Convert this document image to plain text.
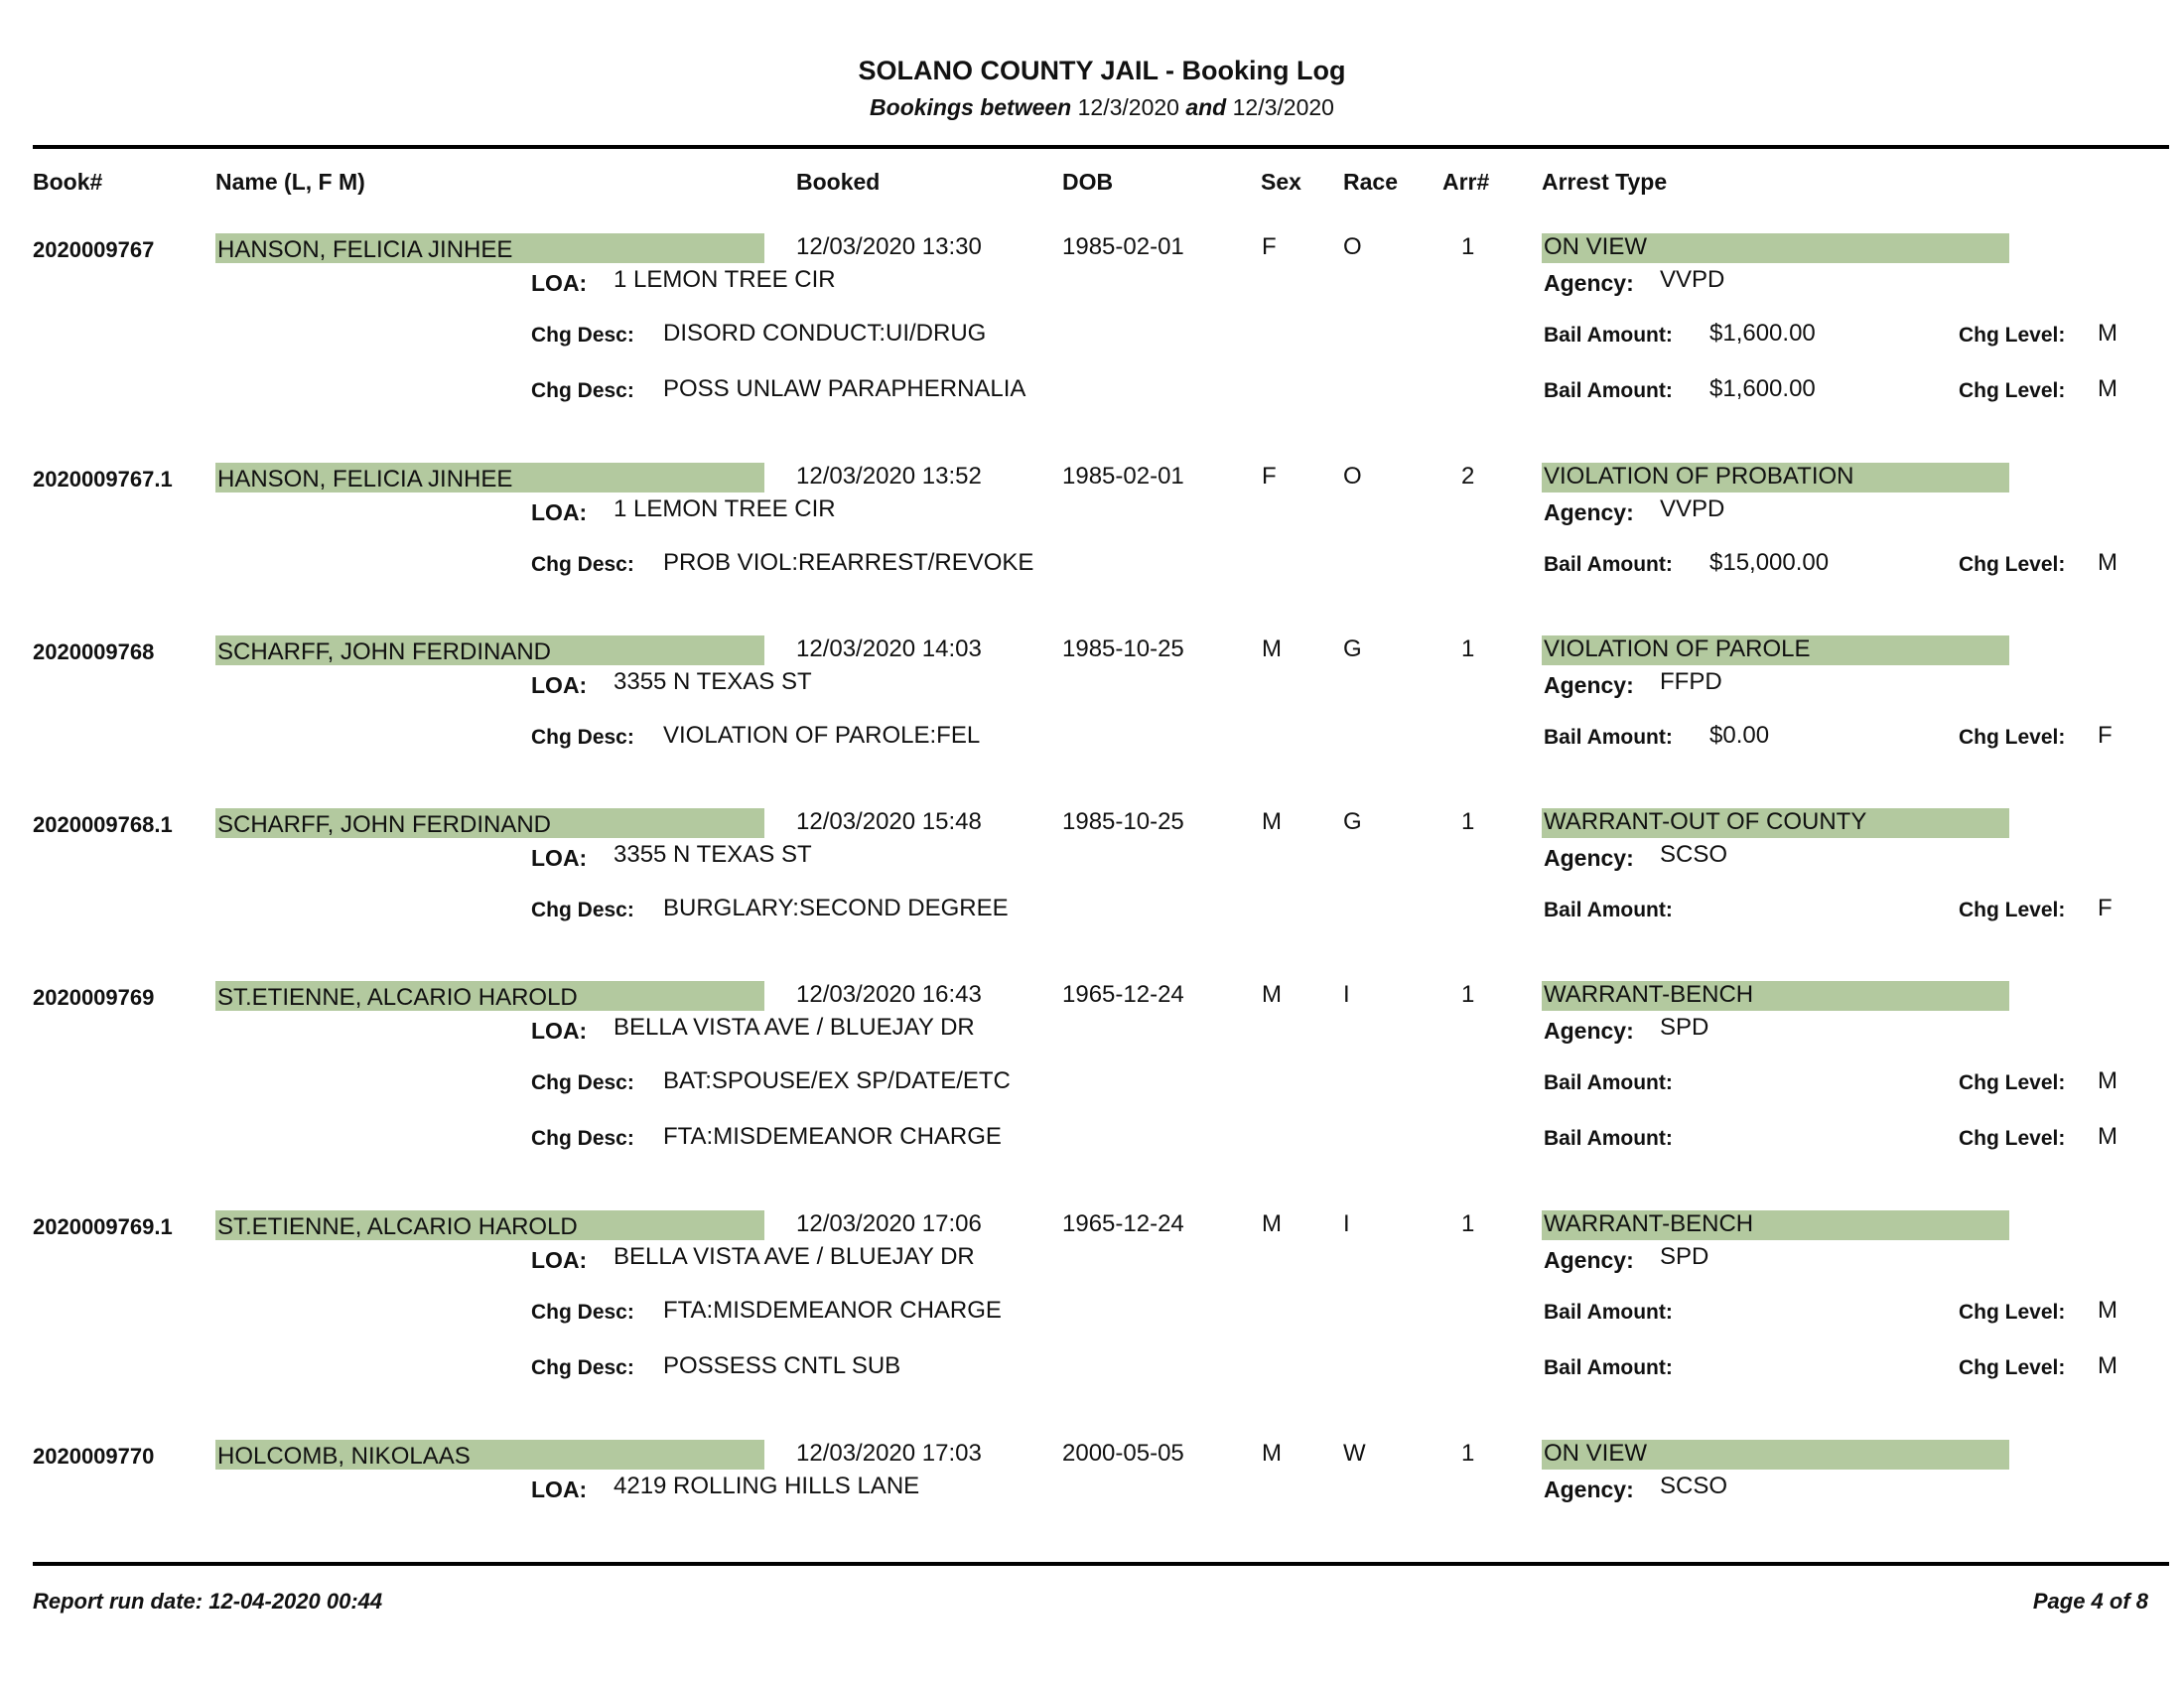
SOLANO COUNTY JAIL - Booking Log
Bookings between 12/3/2020 and 12/3/2020
Book#	Name (L, F M)	Booked	DOB	Sex Race Arr# Arrest Type
2020009767	HANSON, FELICIA JINHEE	12/03/2020 13:30	1985-02-01	F	O	1	ON VIEW
LOA: 1 LEMON TREE CIR	Agency: VVPD
Chg Desc: DISORD CONDUCT:UI/DRUG	Bail Amount: $1,600.00	Chg Level: M
Chg Desc: POSS UNLAW PARAPHERNALIA	Bail Amount: $1,600.00	Chg Level: M
2020009767.1 HANSON, FELICIA JINHEE	12/03/2020 13:52	1985-02-01	F	O	2	VIOLATION OF PROBATION
LOA: 1 LEMON TREE CIR	Agency: VVPD
Chg Desc: PROB VIOL:REARREST/REVOKE	Bail Amount: $15,000.00	Chg Level: M
2020009768	SCHARFF, JOHN FERDINAND	12/03/2020 14:03	1985-10-25	M	G	1	VIOLATION OF PAROLE
LOA: 3355 N TEXAS ST	Agency: FFPD
Chg Desc: VIOLATION OF PAROLE:FEL	Bail Amount: $0.00	Chg Level: F
2020009768.1 SCHARFF, JOHN FERDINAND	12/03/2020 15:48	1985-10-25	M	G	1	WARRANT-OUT OF COUNTY
LOA: 3355 N TEXAS ST	Agency: SCSO
Chg Desc: BURGLARY:SECOND DEGREE	Bail Amount:	Chg Level: F
2020009769	ST.ETIENNE, ALCARIO HAROLD	12/03/2020 16:43	1965-12-24	M	I	1	WARRANT-BENCH
LOA: BELLA VISTA AVE / BLUEJAY DR	Agency: SPD
Chg Desc: BAT:SPOUSE/EX SP/DATE/ETC	Bail Amount:	Chg Level: M
Chg Desc: FTA:MISDEMEANOR CHARGE	Bail Amount:	Chg Level: M
2020009769.1 ST.ETIENNE, ALCARIO HAROLD	12/03/2020 17:06	1965-12-24	M	I	1	WARRANT-BENCH
LOA: BELLA VISTA AVE / BLUEJAY DR	Agency: SPD
Chg Desc: FTA:MISDEMEANOR CHARGE	Bail Amount:	Chg Level: M
Chg Desc: POSSESS CNTL SUB	Bail Amount:	Chg Level: M
2020009770	HOLCOMB, NIKOLAAS	12/03/2020 17:03	2000-05-05	M	W	1	ON VIEW
LOA: 4219 ROLLING HILLS LANE	Agency: SCSO
Report run date: 12-04-2020 00:44	Page 4 of 8
